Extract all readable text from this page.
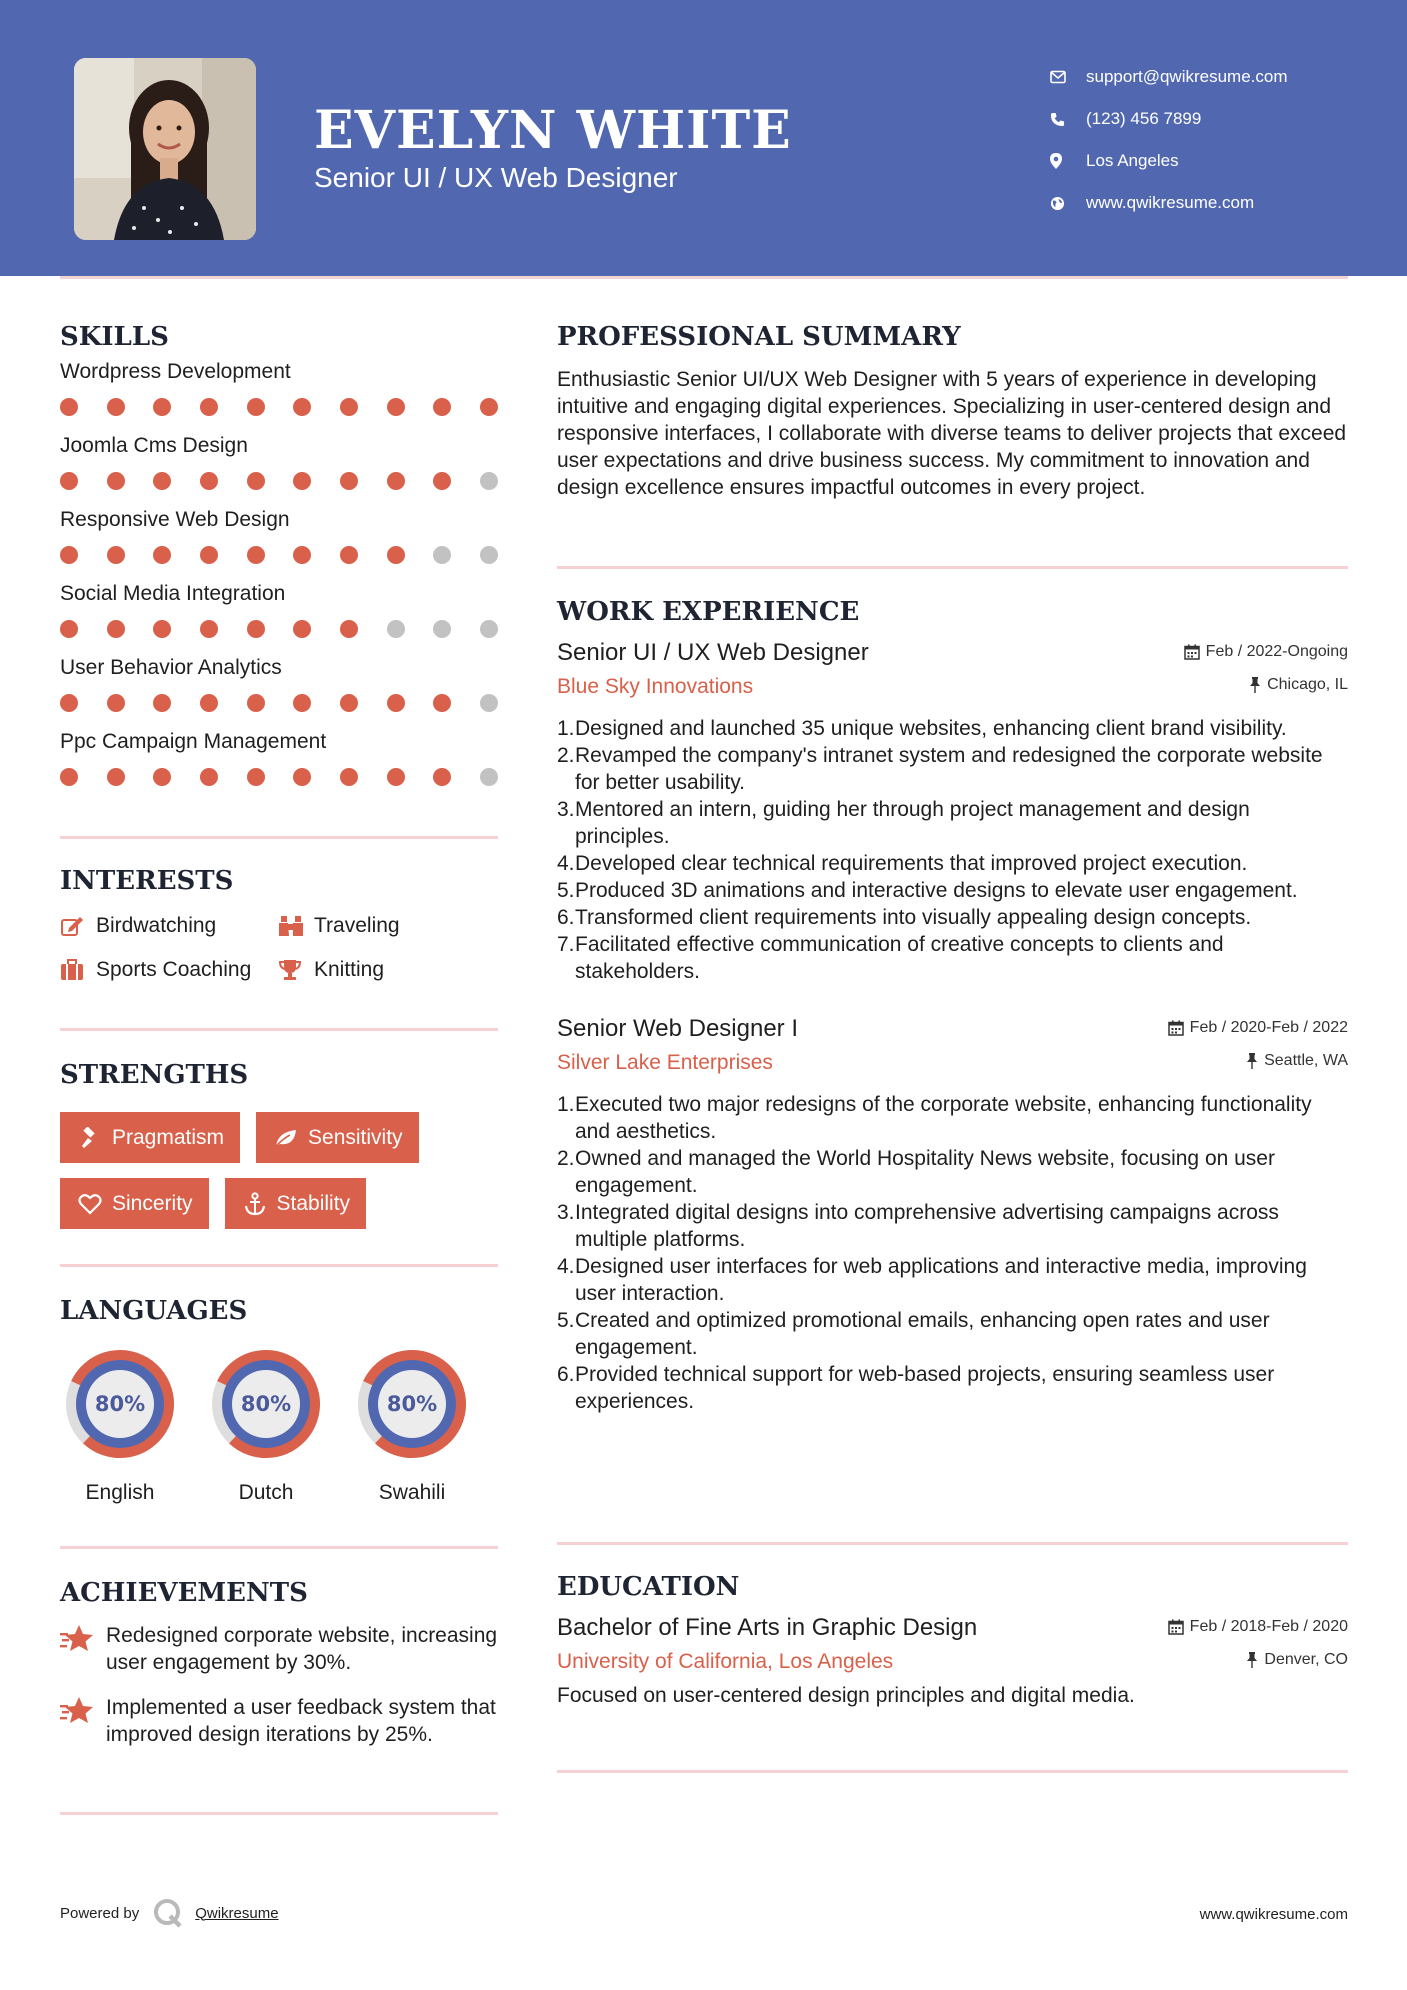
EVELYN WHITE
Senior UI / UX Web Designer
support@qwikresume.com
(123) 456 7899
Los Angeles
www.qwikresume.com
SKILLS
Wordpress Development
Joomla Cms Design
Responsive Web Design
Social Media Integration
User Behavior Analytics
Ppc Campaign Management
INTERESTS
Birdwatching	Traveling
Sports Coaching	Knitting
STRENGTHS
Pragmatism	Sensitivity
Sincerity	Stability
LANGUAGES
80%
English
80%
Dutch
80%
Swahili
ACHIEVEMENTS
Redesigned corporate website, increasing user engagement by 30%.
Implemented a user feedback system that improved design iterations by 25%.
PROFESSIONAL SUMMARY
Enthusiastic Senior UI/UX Web Designer with 5 years of experience in developing intuitive and engaging digital experiences. Specializing in user-centered design and responsive interfaces, I collaborate with diverse teams to deliver projects that exceed user expectations and drive business success. My commitment to innovation and design excellence ensures impactful outcomes in every project.
WORK EXPERIENCE
Senior UI / UX Web Designer	Feb / 2022-Ongoing
Blue Sky Innovations	Chicago, IL
1. Designed and launched 35 unique websites, enhancing client brand visibility.
2. Revamped the company's intranet system and redesigned the corporate website for better usability.
3. Mentored an intern, guiding her through project management and design principles.
4. Developed clear technical requirements that improved project execution.
5. Produced 3D animations and interactive designs to elevate user engagement.
6. Transformed client requirements into visually appealing design concepts.
7. Facilitated effective communication of creative concepts to clients and stakeholders.
Senior Web Designer I	Feb / 2020-Feb / 2022
Silver Lake Enterprises	Seattle, WA
1. Executed two major redesigns of the corporate website, enhancing functionality and aesthetics.
2. Owned and managed the World Hospitality News website, focusing on user engagement.
3. Integrated digital designs into comprehensive advertising campaigns across multiple platforms.
4. Designed user interfaces for web applications and interactive media, improving user interaction.
5. Created and optimized promotional emails, enhancing open rates and user engagement.
6. Provided technical support for web-based projects, ensuring seamless user experiences.
EDUCATION
Bachelor of Fine Arts in Graphic Design	Feb / 2018-Feb / 2020
University of California, Los Angeles	Denver, CO
Focused on user-centered design principles and digital media.
Powered by	Qwikresume	www.qwikresume.com
